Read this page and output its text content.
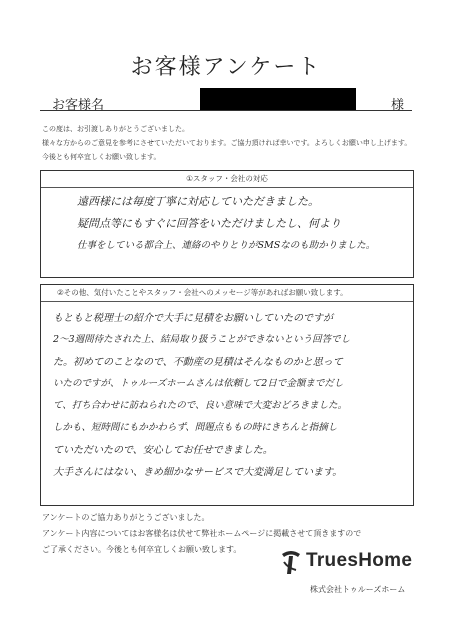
お客様アンケート
お客様名	様
この度は、お引渡しありがとうございました。
様々な方からのご意見を参考にさせていただいております。ご協力頂ければ幸いです。よろしくお願い申し上げます。
今後とも何卒宜しくお願い致します。
①スタッフ・会社の対応
遠西様には毎度丁寧に対応していただきました。
疑問点等にもすぐに回答をいただけましたし、何より
仕事をしている都合上、連絡のやりとりがSMSなのも助かりました。
②その他、気付いたことやスタッフ・会社へのメッセージ等があればお願い致します。
もともと税理士の紹介で大手に見積をお願いしていたのですが
2～3週間待たされた上、結局取り扱うことができないという回答でし
た。初めてのことなので、不動産の見積はそんなものかと思って
いたのですが、トゥルーズホームさんは依頼して2日で金額までだし
て、打ち合わせに訪ねられたので、良い意味で大変おどろきました。
しかも、短時間にもかかわらず、問題点ももの時にきちんと指摘し
ていただいたので、安心してお任せできました。
大手さんにはない、きめ細かなサービスで大変満足しています。
アンケートのご協力ありがとうございました。
アンケート内容についてはお客様名は伏せて弊社ホームページに掲載させて頂きますので
ご了承ください。今後とも何卒宜しくお願い致します。
TruesHome
株式会社トゥルーズホーム
